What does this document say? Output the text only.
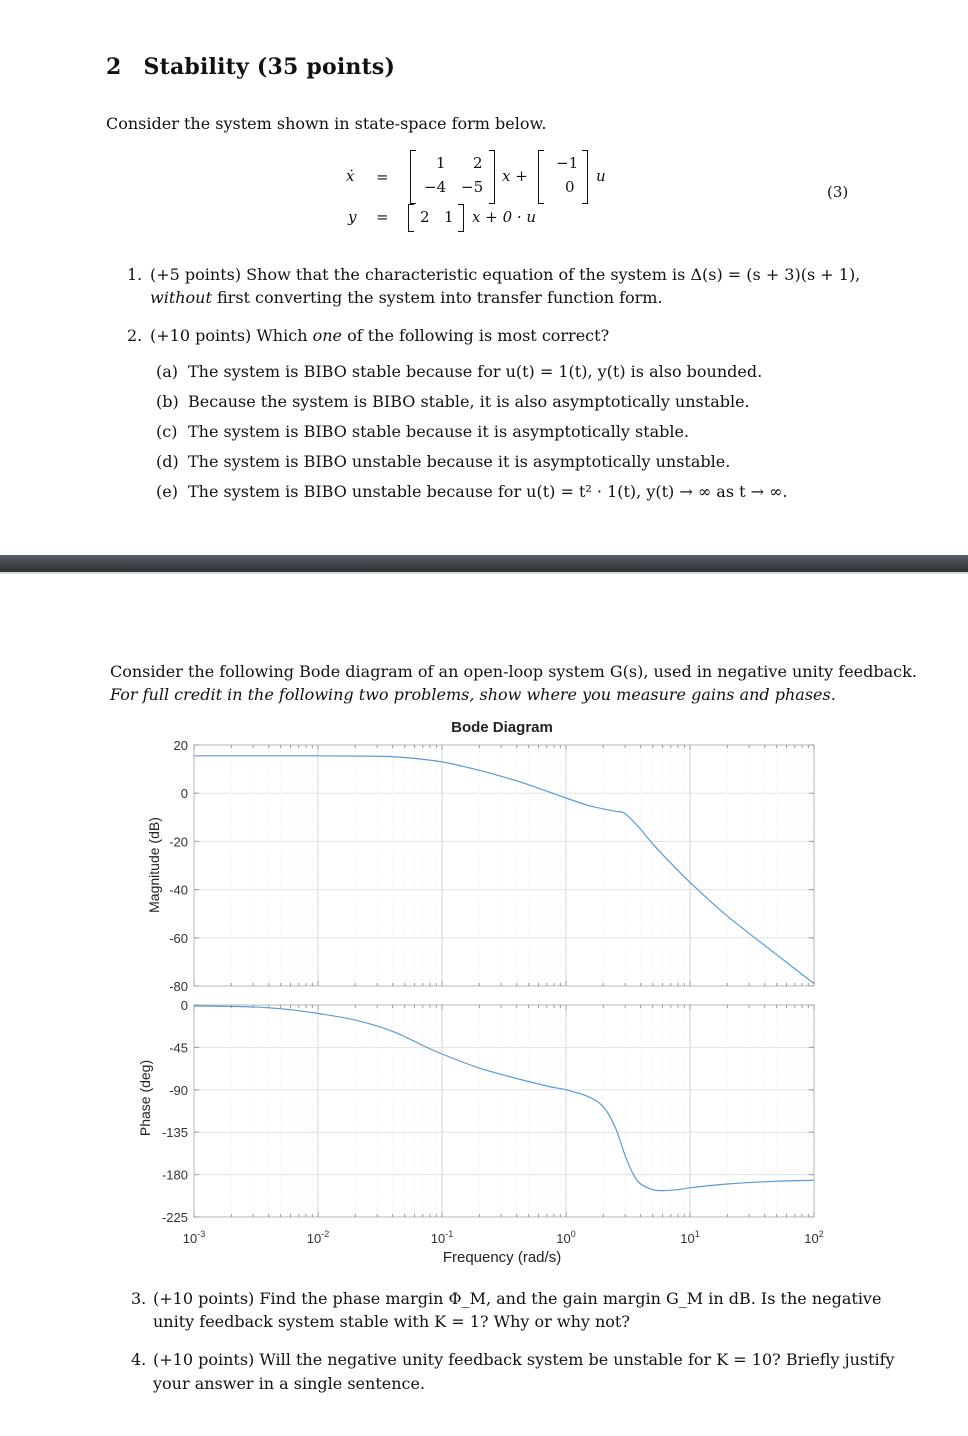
2 Stability (35 points)
Consider the system shown in state-space form below.
ẋ =
1 2
−4 −5
x +
−1
0
u
y = 2 1 x + 0 · u
(3)
1. (+5 points) Show that the characteristic equation of the system is Δ(s) = (s + 3)(s + 1),
without first converting the system into transfer function form.
2. (+10 points) Which one of the following is most correct?
(a) The system is BIBO stable because for u(t) = 1(t), y(t) is also bounded.
(b) Because the system is BIBO stable, it is also asymptotically unstable.
(c) The system is BIBO stable because it is asymptotically stable.
(d) The system is BIBO unstable because it is asymptotically unstable.
(e) The system is BIBO unstable because for u(t) = t² · 1(t), y(t) → ∞ as t → ∞.
Consider the following Bode diagram of an open-loop system G(s), used in negative unity feedback.
For full credit in the following two problems, show where you measure gains and phases.
Bode Diagram
Magnitude (dB)
Phase (deg)
Frequency (rad/s)
20
0
-20
-40
-60
-80
0
-45
-90
-135
-180
-225
$10^{-3}$	$10^{-2}$	$10^{-1}$	$10^0$	$10^1$	$10^2$
3. (+10 points) Find the phase margin Φ_M, and the gain margin G_M in dB. Is the negative
unity feedback system stable with K = 1? Why or why not?
4. (+10 points) Will the negative unity feedback system be unstable for K = 10? Briefly justify
your answer in a single sentence.
